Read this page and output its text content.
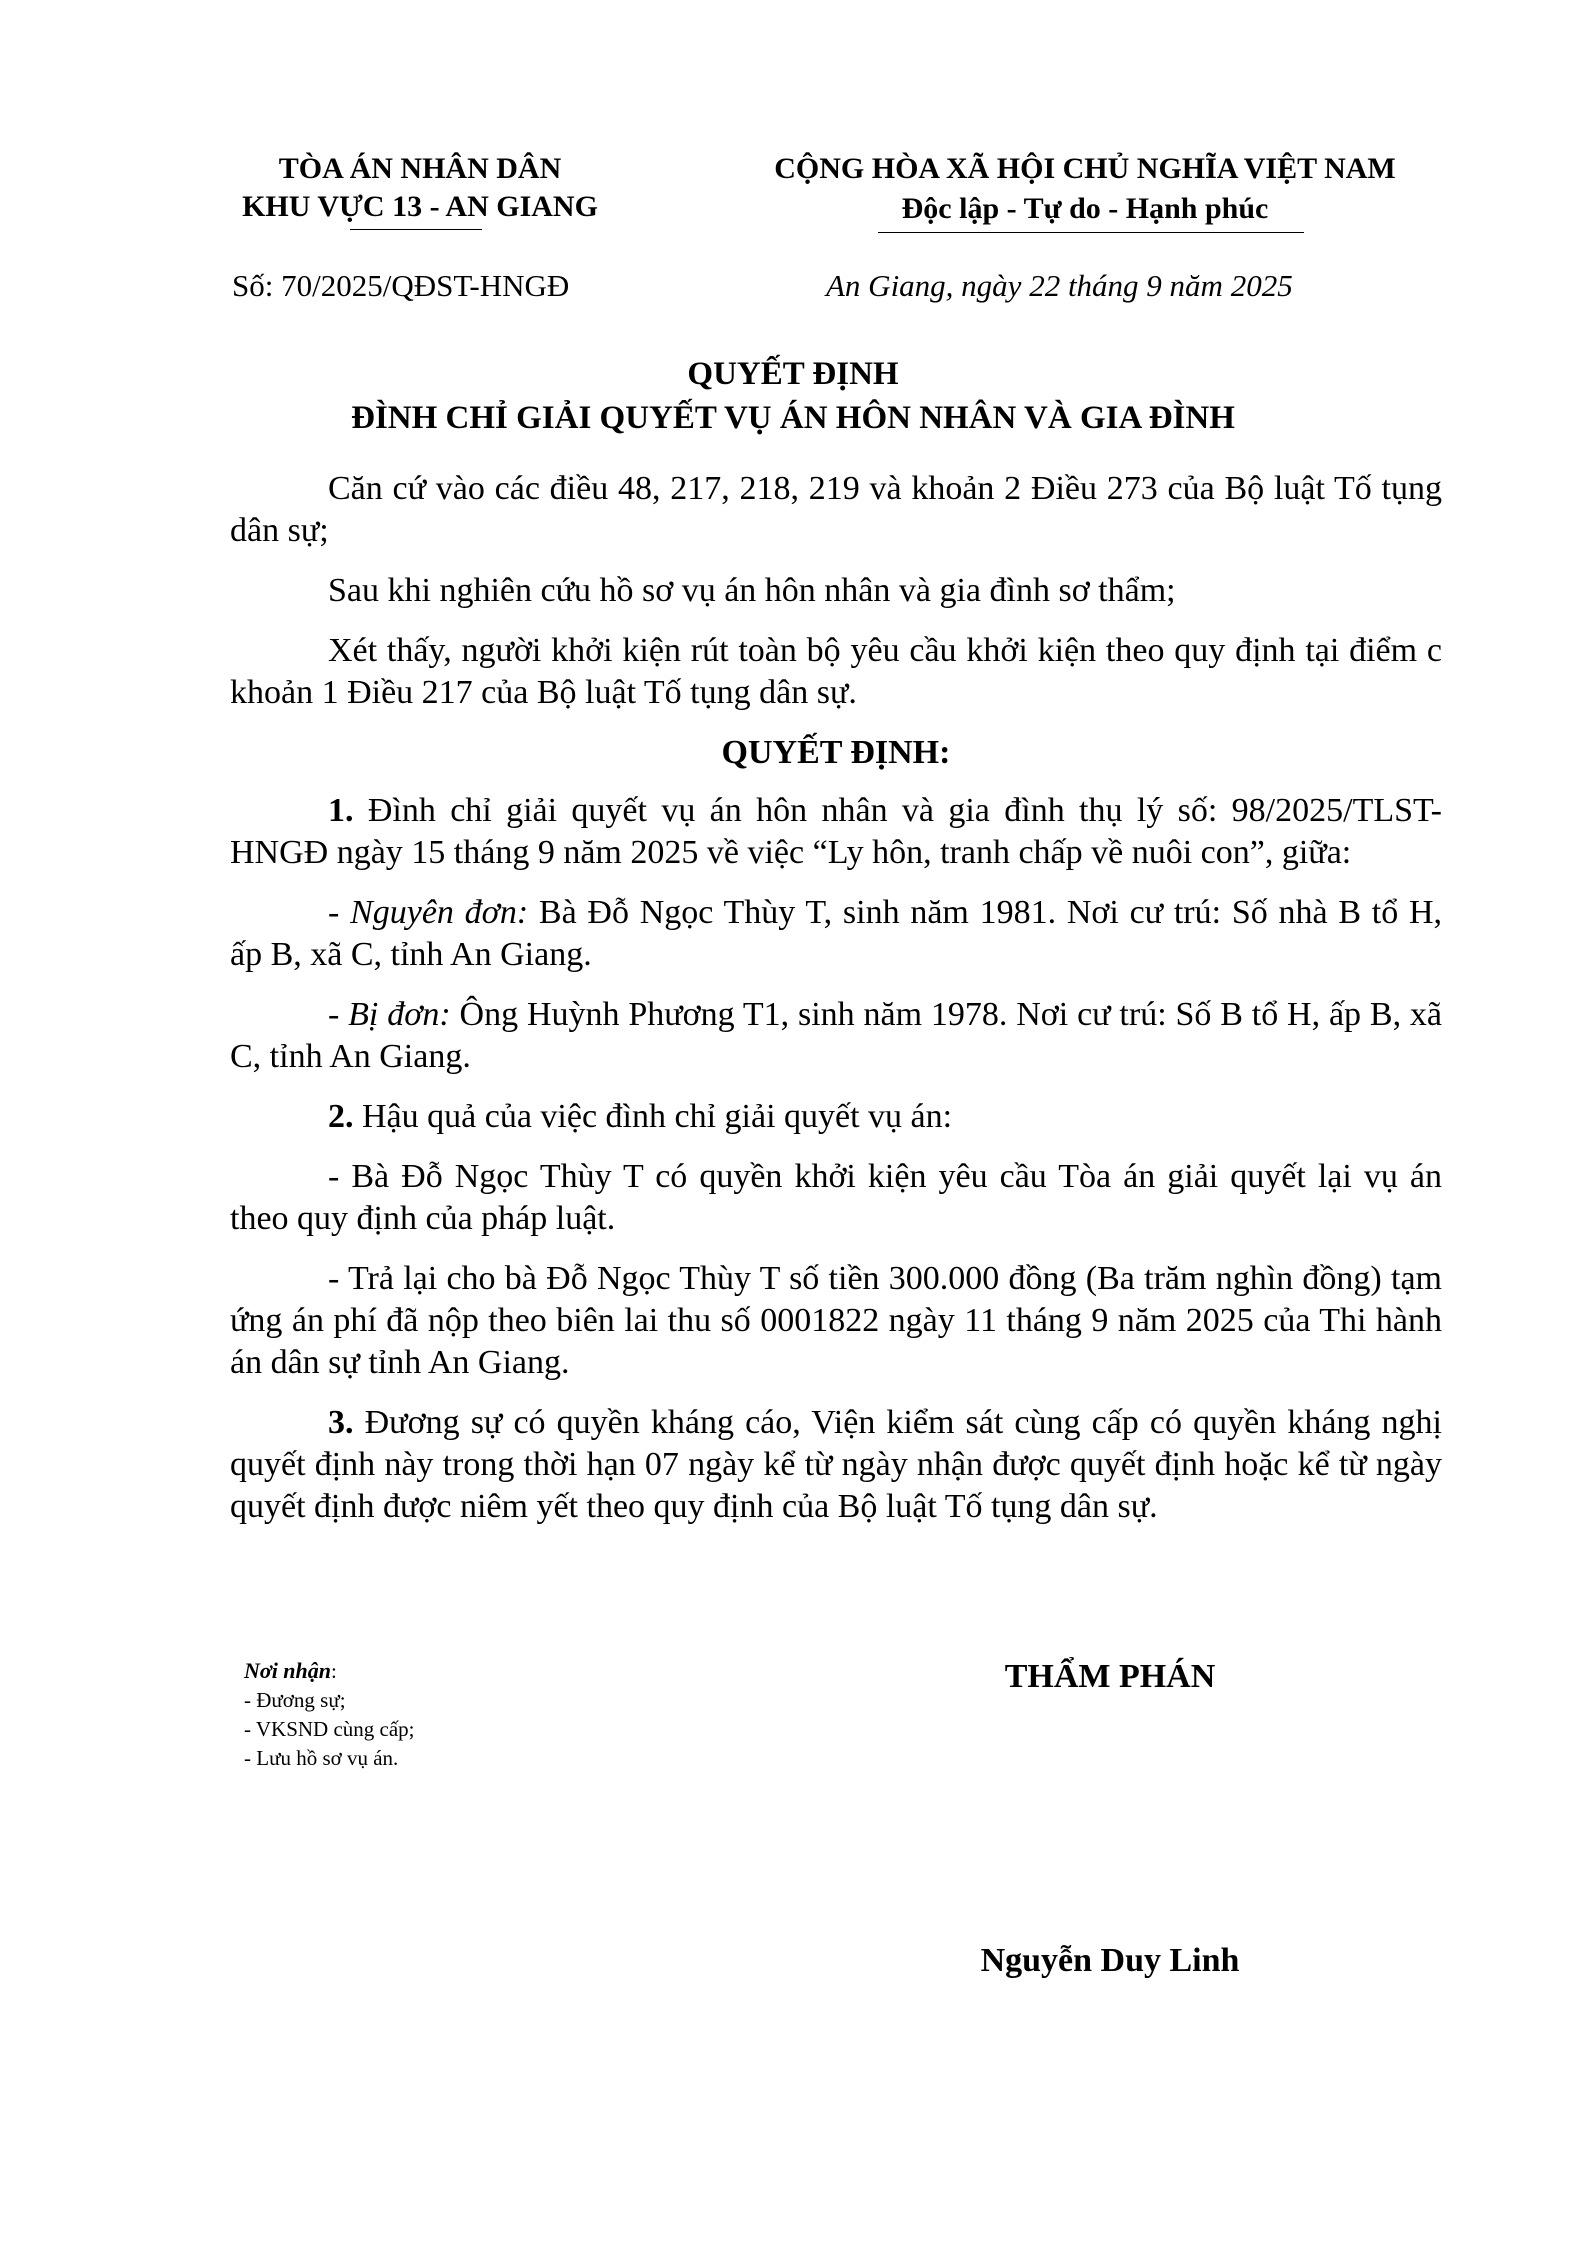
TÒA ÁN NHÂN DÂN
KHU VỰC 13 - AN GIANG
CỘNG HÒA XÃ HỘI CHỦ NGHĨA VIỆT NAM
Độc lập - Tự do - Hạnh phúc
Số: 70/2025/QĐST-HNGĐ	An Giang, ngày 22 tháng 9 năm 2025
QUYẾT ĐỊNH
ĐÌNH CHỈ GIẢI QUYẾT VỤ ÁN HÔN NHÂN VÀ GIA ĐÌNH

Căn cứ vào các điều 48, 217, 218, 219 và khoản 2 Điều 273 của Bộ luật Tố tụng dân sự;

Sau khi nghiên cứu hồ sơ vụ án hôn nhân và gia đình sơ thẩm;

Xét thấy, người khởi kiện rút toàn bộ yêu cầu khởi kiện theo quy định tại điểm c khoản 1 Điều 217 của Bộ luật Tố tụng dân sự.

QUYẾT ĐỊNH:

1. Đình chỉ giải quyết vụ án hôn nhân và gia đình thụ lý số: 98/2025/TLST-HNGĐ ngày 15 tháng 9 năm 2025 về việc “Ly hôn, tranh chấp về nuôi con”, giữa:

- Nguyên đơn: Bà Đỗ Ngọc Thùy T, sinh năm 1981. Nơi cư trú: Số nhà B tổ H, ấp B, xã C, tỉnh An Giang.

- Bị đơn: Ông Huỳnh Phương T1, sinh năm 1978. Nơi cư trú: Số B tổ H, ấp B, xã C, tỉnh An Giang.

2. Hậu quả của việc đình chỉ giải quyết vụ án:

- Bà Đỗ Ngọc Thùy T có quyền khởi kiện yêu cầu Tòa án giải quyết lại vụ án theo quy định của pháp luật.

- Trả lại cho bà Đỗ Ngọc Thùy T số tiền 300.000 đồng (Ba trăm nghìn đồng) tạm ứng án phí đã nộp theo biên lai thu số 0001822 ngày 11 tháng 9 năm 2025 của Thi hành án dân sự tỉnh An Giang.

3. Đương sự có quyền kháng cáo, Viện kiểm sát cùng cấp có quyền kháng nghị quyết định này trong thời hạn 07 ngày kể từ ngày nhận được quyết định hoặc kể từ ngày quyết định được niêm yết theo quy định của Bộ luật Tố tụng dân sự.

Nơi nhận:
- Đương sự;
- VKSND cùng cấp;
- Lưu hồ sơ vụ án.
THẨM PHÁN
Nguyễn Duy Linh
